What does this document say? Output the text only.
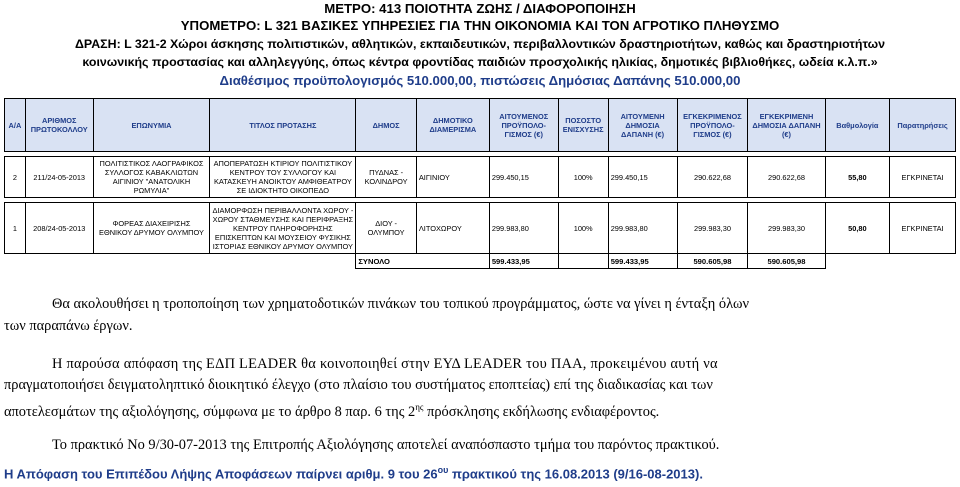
ΜΕΤΡΟ: 413 ΠΟΙΟΤΗΤΑ ΖΩΗΣ / ΔΙΑΦΟΡΟΠΟΙΗΣΗ
ΥΠΟΜΕΤΡΟ: L 321 ΒΑΣΙΚΕΣ ΥΠΗΡΕΣΙΕΣ ΓΙΑ ΤΗΝ ΟΙΚΟΝΟΜΙΑ ΚΑΙ ΤΟΝ ΑΓΡΟΤΙΚΟ ΠΛΗΘΥΣΜΟ
ΔΡΑΣΗ: L 321-2 Χώροι άσκησης πολιτιστικών, αθλητικών, εκπαιδευτικών, περιβαλλοντικών δραστηριοτήτων, καθώς και δραστηριοτήτων
κοινωνικής προστασίας και αλληλεγγύης, όπως κέντρα φροντίδας παιδιών προσχολικής ηλικίας, δημοτικές βιβλιοθήκες, ωδεία κ.λ.π.»
Διαθέσιμος προϋπολογισμός 510.000,00, πιστώσεις Δημόσιας Δαπάνης 510.000,00
Α/Α	ΑΡΙΘΜΟΣ ΠΡΩΤΟΚΟΛΛΟΥ	ΕΠΩΝΥΜΙΑ	ΤΙΤΛΟΣ ΠΡΟΤΑΣΗΣ	ΔΗΜΟΣ	ΔΗΜΟΤΙΚΟ ΔΙΑΜΕΡΙΣΜΑ	ΑΙΤΟΥΜΕΝΟΣ ΠΡΟΫΠΟΛΟ-ΓΙΣΜΟΣ (€)	ΠΟΣΟΣΤΟ ΕΝΙΣΧΥΣΗΣ	ΑΙΤΟΥΜΕΝΗ ΔΗΜΟΣΙΑ ΔΑΠΑΝΗ (€)	ΕΓΚΕΚΡΙΜΕΝΟΣ ΠΡΟΫΠΟΛΟ-ΓΙΣΜΟΣ (€)	ΕΓΚΕΚΡΙΜΕΝΗ ΔΗΜΟΣΙΑ ΔΑΠΑΝΗ (€)	Βαθμολογία	Παρατηρήσεις

2	211/24-05-2013	ΠΟΛΙΤΙΣΤΙΚΟΣ ΛΑΟΓΡΑΦΙΚΟΣ ΣΥΛΛΟΓΟΣ ΚΑΒΑΚΛΙΩΤΩΝ ΑΙΓΙΝΙΟΥ "ΑΝΑΤΟΛΙΚΗ ΡΩΜΥΛΙΑ"	ΑΠΟΠΕΡΑΤΩΣΗ ΚΤΙΡΙΟΥ ΠΟΛΙΤΙΣΤΙΚΟΥ ΚΕΝΤΡΟΥ ΤΟΥ ΣΥΛΛΟΓΟΥ ΚΑΙ ΚΑΤΑΣΚΕΥΗ ΑΝΟΙΚΤΟΥ ΑΜΦΙΘΕΑΤΡΟΥ ΣΕ ΙΔΙΟΚΤΗΤΟ ΟΙΚΟΠΕΔΟ	ΠΥΔΝΑΣ - ΚΟΛΙΝΔΡΟΥ	ΑΙΓΙΝΙΟΥ	299.450,15	100%	299.450,15	290.622,68	290.622,68	55,80	ΕΓΚΡΙΝΕΤΑΙ

1	208/24-05-2013	ΦΟΡΕΑΣ ΔΙΑΧΕΙΡΙΣΗΣ ΕΘΝΙΚΟΥ ΔΡΥΜΟΥ ΟΛΥΜΠΟΥ	ΔΙΑΜΟΡΦΩΣΗ ΠΕΡΙΒΑΛΛΟΝΤΑ ΧΩΡΟΥ - ΧΩΡΟΥ ΣΤΑΘΜΕΥΣΗΣ ΚΑΙ ΠΕΡΙΦΡΑΞΗΣ ΚΕΝΤΡΟΥ ΠΛΗΡΟΦΟΡΗΣΗΣ ΕΠΙΣΚΕΠΤΩΝ ΚΑΙ ΜΟΥΣΕΙΟΥ ΦΥΣΙΚΗΣ ΙΣΤΟΡΙΑΣ ΕΘΝΙΚΟΥ ΔΡΥΜΟΥ ΟΛΥΜΠΟΥ	ΔΙΟΥ - ΟΛΥΜΠΟΥ	ΛΙΤΟΧΩΡΟΥ	299.983,80	100%	299.983,80	299.983,30	299.983,30	50,80	ΕΓΚΡΙΝΕΤΑΙ
				ΣΥΝΟΛΟ		599.433,95		599.433,95	590.605,98	590.605,98		
Θα ακολουθήσει η τροποποίηση των χρηματοδοτικών πινάκων του τοπικού προγράμματος, ώστε να γίνει η ένταξη όλων
των παραπάνω έργων.
Η παρούσα απόφαση της ΕΔΠ LEADER θα κοινοποιηθεί στην ΕΥΔ LEADER του ΠΑΑ, προκειμένου αυτή να
πραγματοποιήσει δειγματοληπτικό διοικητικό έλεγχο (στο πλαίσιο του συστήματος εποπτείας) επί της διαδικασίας και των
αποτελεσμάτων της αξιολόγησης, σύμφωνα με το άρθρο 8 παρ. 6 της $2^{\eta\varsigma}$ πρόσκλησης εκδήλωσης ενδιαφέροντος.
Το πρακτικό Νο 9/30-07-2013 της Επιτροπής Αξιολόγησης αποτελεί αναπόσπαστο τμήμα του παρόντος πρακτικού.
Η Απόφαση του Επιπέδου Λήψης Αποφάσεων παίρνει αριθμ. 9 του $26^{o\upsilon}$ πρακτικού της 16.08.2013 (9/16-08-2013).
